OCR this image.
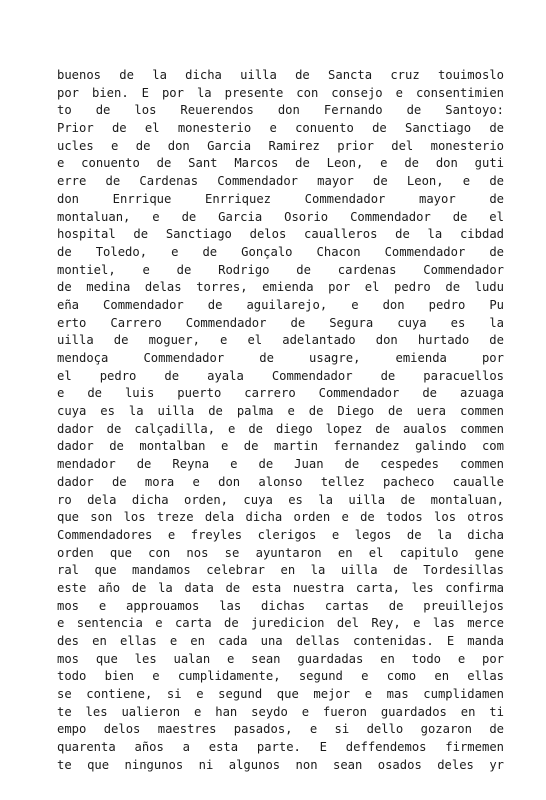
buenos de la dicha uilla de Sancta cruz touimoslo
por bien. E por la presente con consejo e consentimien
to de los Reuerendos don Fernando de Santoyo:
Prior de el monesterio e conuento de Sanctiago de
ucles e de don Garcia Ramirez prior del monesterio
e conuento de Sant Marcos de Leon, e de don guti
erre de Cardenas Commendador mayor de Leon, e de
don Enrrique Enrriquez Commendador mayor de
montaluan, e de Garcia Osorio Commendador de el
hospital de Sanctiago delos caualleros de la cibdad
de Toledo, e de Gonçalo Chacon Commendador de
montiel, e de Rodrigo de cardenas Commendador
de medina delas torres, emienda por el pedro de ludu
eña Commendador de aguilarejo, e don pedro Pu
erto Carrero Commendador de Segura cuya es la
uilla de moguer, e el adelantado don hurtado de
mendoça Commendador de usagre, emienda por
el pedro de ayala Commendador de paracuellos
e de luis puerto carrero Commendador de azuaga
cuya es la uilla de palma e de Diego de uera commen
dador de calçadilla, e de diego lopez de aualos commen
dador de montalban e de martin fernandez galindo com
mendador de Reyna e de Juan de cespedes commen
dador de mora e don alonso tellez pacheco caualle
ro dela dicha orden, cuya es la uilla de montaluan,
que son los treze dela dicha orden e de todos los otros
Commendadores e freyles clerigos e legos de la dicha
orden que con nos se ayuntaron en el capitulo gene
ral que mandamos celebrar en la uilla de Tordesillas
este año de la data de esta nuestra carta, les confirma
mos e approuamos las dichas cartas de preuillejos
e sentencia e carta de juredicion del Rey, e las merce
des en ellas e en cada una dellas contenidas. E manda
mos que les ualan e sean guardadas en todo e por
todo bien e cumplidamente, segund e como en ellas
se contiene, si e segund que mejor e mas cumplidamen
te les ualieron e han seydo e fueron guardados en ti
empo delos maestres pasados, e si dello gozaron de
quarenta años a esta parte. E deffendemos firmemen
te que ningunos ni algunos non sean osados deles yr
